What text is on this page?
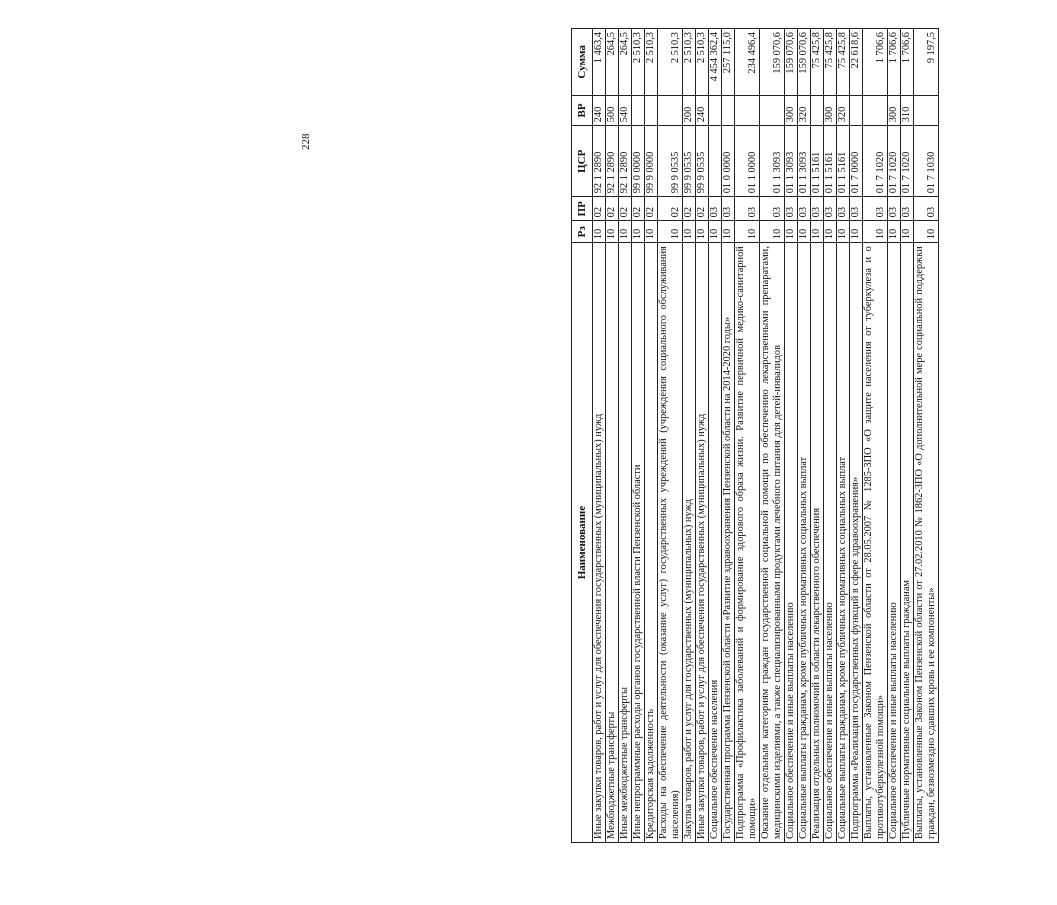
228
Наименование	Рз	ПР	ЦСР	ВР	Сумма
Иные закупки товаров, работ и услуг для обеспечения государственных (муниципальных) нужд	10	02	92 1 2890	240	1 463,4
Межбюджетные трансферты	10	02	92 1 2890	500	264,5
Иные межбюджетные трансферты	10	02	92 1 2890	540	264,5
Иные непрограммные расходы органов государственной власти Пензенской области	10	02	99 0 0000		2 510,3
Кредиторская задолженность	10	02	99 9 0000		2 510,3
Расходы на обеспечение деятельности (оказание услуг) государственных учреждений (учреждения социального обслуживания населения)	10	02	99 9 0535		2 510,3
Закупка товаров, работ и услуг для государственных (муниципальных) нужд	10	02	99 9 0535	200	2 510,3
Иные закупки товаров, работ и услуг для обеспечения государственных (муниципальных) нужд	10	02	99 9 0535	240	2 510,3
Социальное обеспечение населения	10	03			4 454 362,4
Государственная программа Пензенской области «Развитие здравоохранения Пензенской области на 2014-2020 годы»	10	03	01 0 0000		257 115,0
Подпрограмма «Профилактика заболеваний и формирование здорового образа жизни. Развитие первичной медико-санитарной помощи»	10	03	01 1 0000		234 496,4
Оказание отдельным категориям граждан государственной социальной помощи по обеспечению лекарственными препаратами, медицинскими изделиями, а также специализированными продуктами лечебного питания для детей-инвалидов	10	03	01 1 3093		159 070,6
Социальное обеспечение и иные выплаты населению	10	03	01 1 3093	300	159 070,6
Социальные выплаты гражданам, кроме публичных нормативных социальных выплат	10	03	01 1 3093	320	159 070,6
Реализация отдельных полномочий в области лекарственного обеспечения	10	03	01 1 5161		75 425,8
Социальное обеспечение и иные выплаты населению	10	03	01 1 5161	300	75 425,8
Социальные выплаты гражданам, кроме публичных нормативных социальных выплат	10	03	01 1 5161	320	75 425,8
Подпрограмма «Реализация государственных функций в сфере здравоохранения»	10	03	01 7 0000		22 618,6
Выплаты, установленные Законом Пензенской области от 28.05.2007 № 1285-ЗПО «О защите населения от туберкулеза и о противотуберкулезной помощи»	10	03	01 7 1020		1 706,6
Социальное обеспечение и иные выплаты населению	10	03	01 7 1020	300	1 706,6
Публичные нормативные социальные выплаты гражданам	10	03	01 7 1020	310	1 706,6
Выплаты, установленные Законом Пензенской области от 27.02.2010 № 1862-ЗПО «О дополнительной мере социальной поддержки граждан, безвозмездно сдавших кровь и ее компоненты»	10	03	01 7 1030		9 197,5
